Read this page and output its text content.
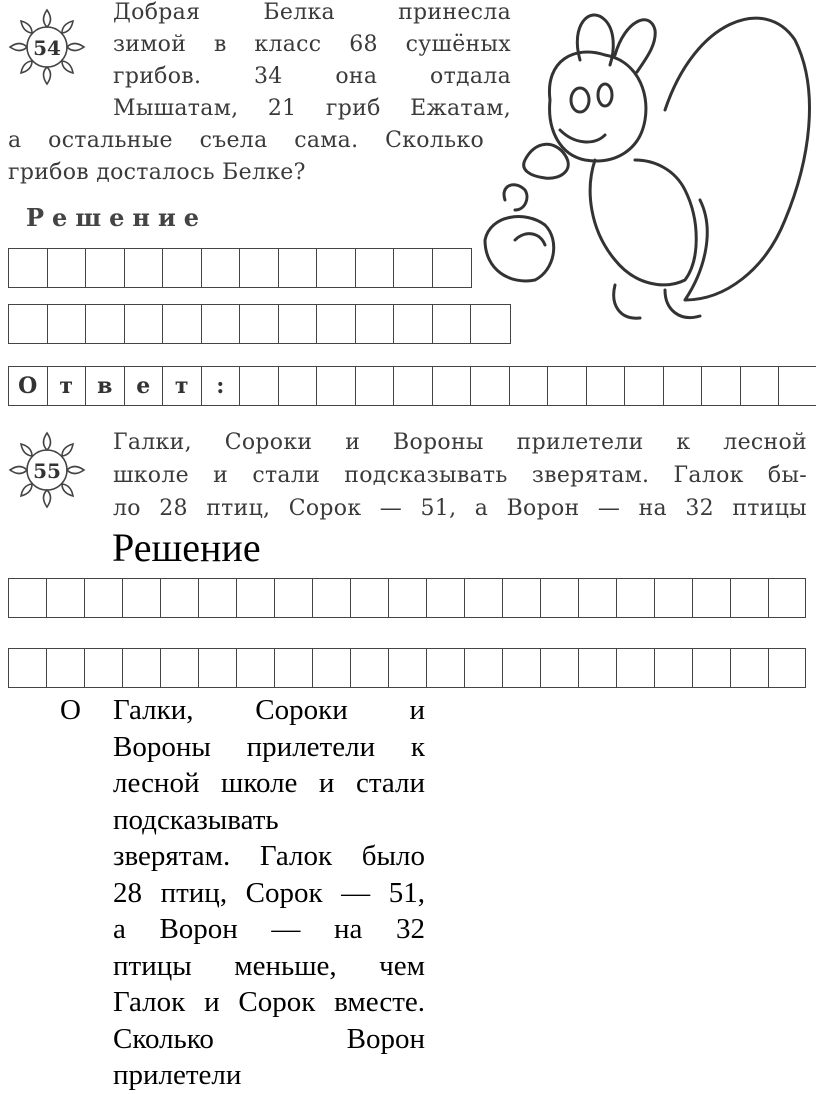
54
Добрая Белка принесла
зимой в класс 68 сушёных
грибов. 34 она отдала
Мышатам, 21 гриб Ежатам,
а остальные съела сама. Сколько
грибов досталось Белке?
Решение
О	т	в	е	т	:
55
Галки, Сороки и Вороны прилетели к лесной
школе и стали подсказывать зверятам. Галок бы-
ло 28 птиц, Сорок — 51, а Ворон — на 32 птицы
Решение
О Галки, Сороки и
Вороны прилетели к
лесной школе и стали
подсказывать
зверятам. Галок было
28 птиц, Сорок — 51,
а Ворон — на 32
птицы меньше, чем
Галок и Сорок вместе.
Сколько Ворон
прилетели
